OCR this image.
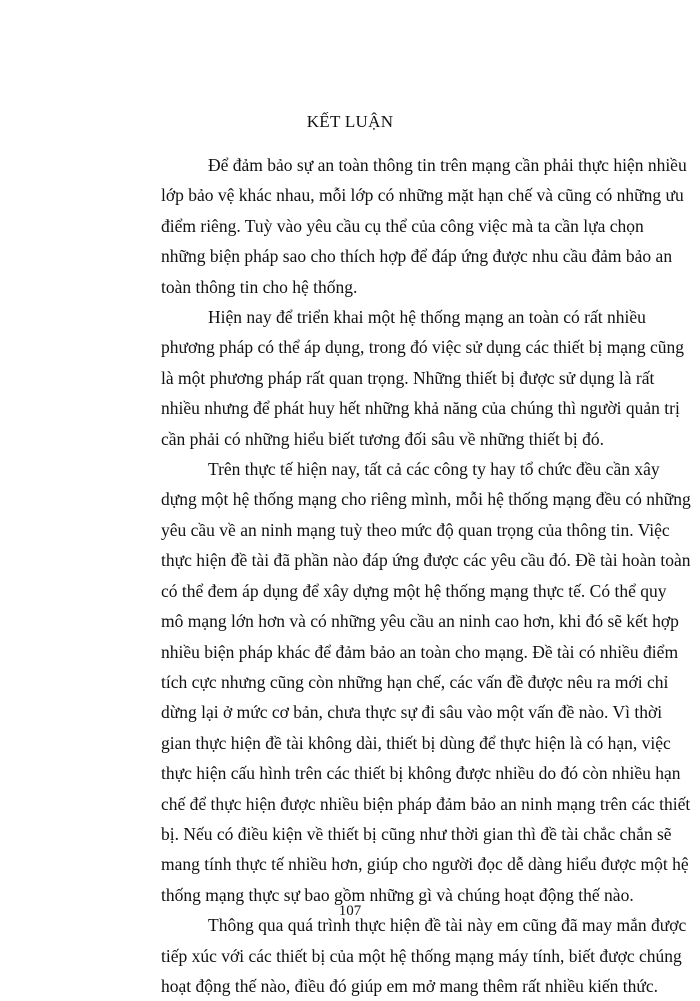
KẾT LUẬN
Để đảm bảo sự an toàn thông tin trên mạng cần phải thực hiện nhiều
lớp bảo vệ khác nhau, mỗi lớp có những mặt hạn chế và cũng có những ưu
điểm riêng. Tuỳ vào yêu cầu cụ thể của công việc mà ta cần lựa chọn
những biện pháp sao cho thích hợp để đáp ứng được nhu cầu đảm bảo an
toàn thông tin cho hệ thống.
Hiện nay để triển khai một hệ thống mạng an toàn có rất nhiều
phương pháp có thể áp dụng, trong đó việc sử dụng các thiết bị mạng cũng
là một phương pháp rất quan trọng. Những thiết bị được sử dụng là rất
nhiều nhưng để phát huy hết những khả năng của chúng thì người quản trị
cần phải có những hiểu biết tương đối sâu về những thiết bị đó.
Trên thực tế hiện nay, tất cả các công ty hay tổ chức đều cần xây
dựng một hệ thống mạng cho riêng mình, mỗi hệ thống mạng đều có những
yêu cầu về an ninh mạng tuỳ theo mức độ quan trọng của thông tin. Việc
thực hiện đề tài đã phần nào đáp ứng được các yêu cầu đó. Đề tài hoàn toàn
có thể đem áp dụng để xây dựng một hệ thống mạng thực tế. Có thể quy
mô mạng lớn hơn và có những yêu cầu an ninh cao hơn, khi đó sẽ kết hợp
nhiều biện pháp khác để đảm bảo an toàn cho mạng. Đề tài có nhiều điểm
tích cực nhưng cũng còn những hạn chế, các vấn đề được nêu ra mới chỉ
dừng lại ở mức cơ bản, chưa thực sự đi sâu vào một vấn đề nào. Vì thời
gian thực hiện đề tài không dài, thiết bị dùng để thực hiện là có hạn, việc
thực hiện cấu hình trên các thiết bị không được nhiều do đó còn nhiều hạn
chế để thực hiện được nhiều biện pháp đảm bảo an ninh mạng trên các thiết
bị. Nếu có điều kiện về thiết bị cũng như thời gian thì đề tài chắc chắn sẽ
mang tính thực tế nhiều hơn, giúp cho người đọc dễ dàng hiểu được một hệ
thống mạng thực sự bao gồm những gì và chúng hoạt động thế nào.
Thông qua quá trình thực hiện đề tài này em cũng đã may mắn được
tiếp xúc với các thiết bị của một hệ thống mạng máy tính, biết được chúng
hoạt động thế nào, điều đó giúp em mở mang thêm rất nhiều kiến thức.
107
